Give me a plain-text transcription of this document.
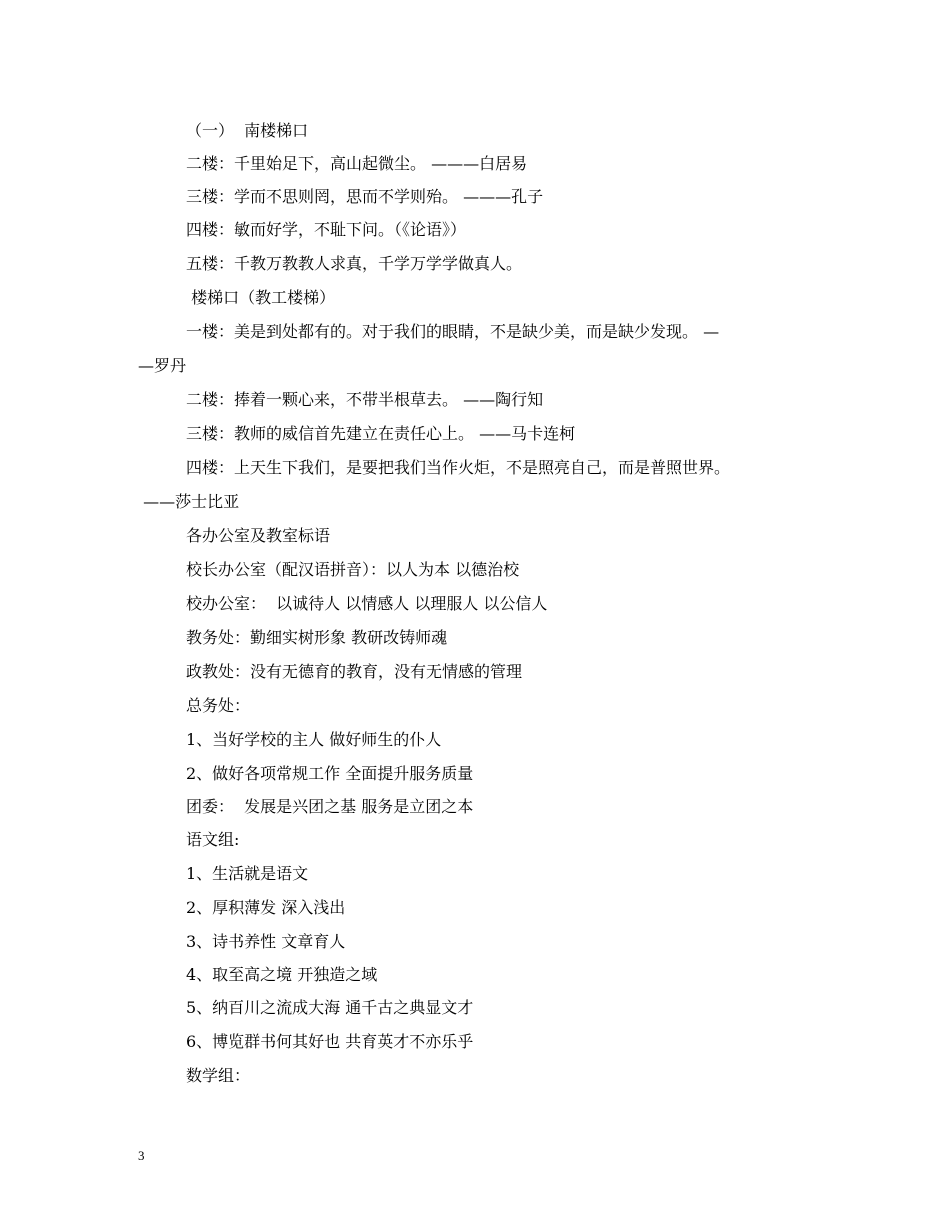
（一）  南楼梯口
二楼：千里始足下，高山起微尘。 ———白居易
三楼：学而不思则罔，思而不学则殆。 ———孔子
四楼：敏而好学，不耻下问。（《论语》）
五楼：千教万教教人求真，千学万学学做真人。
楼梯口（教工楼梯）
一楼：美是到处都有的。对于我们的眼睛，不是缺少美，而是缺少发现。 —
—罗丹
二楼：捧着一颗心来，不带半根草去。 ——陶行知
三楼：教师的威信首先建立在责任心上。 ——马卡连柯
四楼：上天生下我们，是要把我们当作火炬，不是照亮自己，而是普照世界。
——莎士比亚
各办公室及教室标语
校长办公室（配汉语拼音）：以人为本 以德治校
校办公室：  以诚待人 以情感人 以理服人 以公信人
教务处：勤细实树形象 教研改铸师魂
政教处：没有无德育的教育，没有无情感的管理
总务处：
1、当好学校的主人 做好师生的仆人
2、做好各项常规工作 全面提升服务质量
团委：  发展是兴团之基 服务是立团之本
语文组:
1、生活就是语文
2、厚积薄发 深入浅出
3、诗书养性 文章育人
4、取至高之境 开独造之域
5、纳百川之流成大海 通千古之典显文才
6、博览群书何其好也 共育英才不亦乐乎
数学组：
3
